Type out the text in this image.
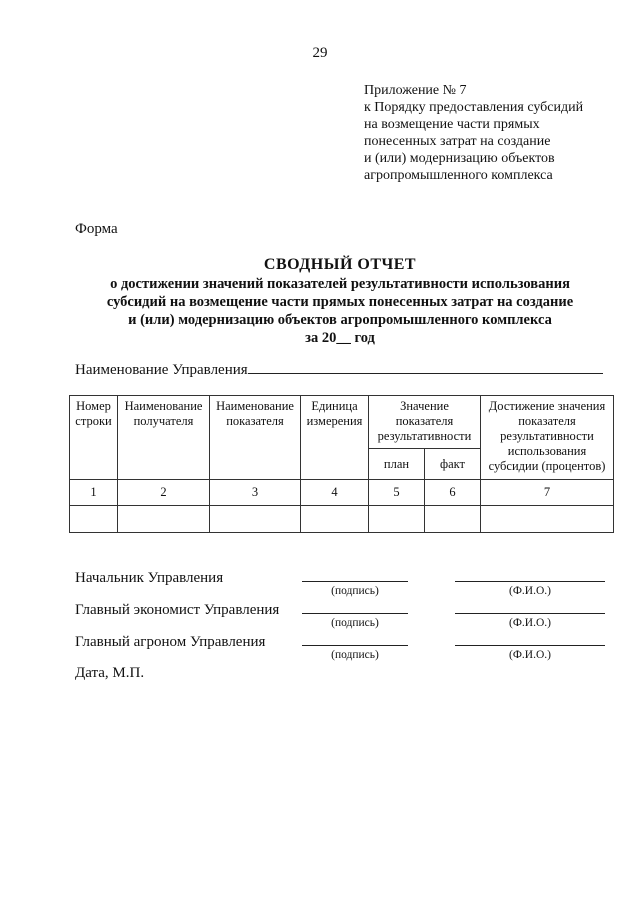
29
Приложение № 7
к Порядку предоставления субсидий
на возмещение части прямых
понесенных затрат на создание
и (или) модернизацию объектов
агропромышленного комплекса
Форма
СВОДНЫЙ ОТЧЕТ
о достижении значений показателей результативности использования
субсидий на возмещение части прямых понесенных затрат на создание
и (или) модернизацию объектов агропромышленного комплекса
за 20__ год
Наименование Управления
Номер строки	Наименование получателя	Наименование показателя	Единица измерения	Значение показателя результативности		Достижение значения показателя результативности использования субсидии (процентов)
				план	факт	
1	2	3	4	5	6	7

Начальник Управления
(подпись)	(Ф.И.О.)
Главный экономист Управления
(подпись)	(Ф.И.О.)
Главный агроном Управления
(подпись)	(Ф.И.О.)
Дата, М.П.
